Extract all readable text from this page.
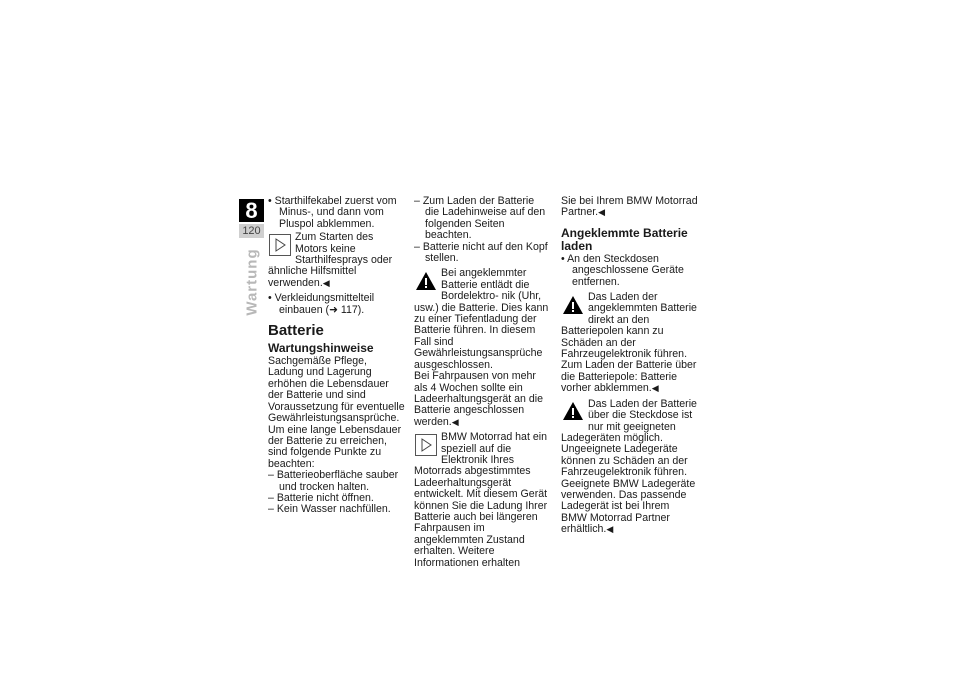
8
120
Wartung

• Starthilfekabel zuerst vom Minus-, und dann vom Pluspol abklemmen.

Zum Starten des Motors keine Starthilfesprays oder ähnliche Hilfsmittel verwenden.◀

• Verkleidungsmittelteil einbauen (➜ 117).

Batterie
Wartungshinweise

Sachgemäße Pflege, Ladung und Lagerung erhöhen die Lebensdauer der Batterie und sind Voraussetzung für eventuelle Gewährleistungsansprüche.

Um eine lange Lebensdauer der Batterie zu erreichen, sind folgende Punkte zu beachten:

– Batterieoberfläche sauber und trocken halten.

– Batterie nicht öffnen.

– Kein Wasser nachfüllen.

– Zum Laden der Batterie die Ladehinweise auf den folgenden Seiten beachten.

– Batterie nicht auf den Kopf stellen.

Bei angeklemmter Batterie entlädt die Bordelektro- nik (Uhr, usw.) die Batterie. Dies kann zu einer Tiefentladung der Batterie führen. In diesem Fall sind Gewährleistungsansprüche ausgeschlossen.

Bei Fahrpausen von mehr als 4 Wochen sollte ein Ladeerhaltungsgerät an die Batterie angeschlossen werden.◀

BMW Motorrad hat ein speziell auf die Elektronik Ihres Motorrads abgestimmtes Ladeerhaltungsgerät entwickelt. Mit diesem Gerät können Sie die Ladung Ihrer Batterie auch bei längeren Fahrpausen im angeklemmten Zustand erhalten. Weitere Informationen erhalten

Sie bei Ihrem BMW Motorrad Partner.◀

Angeklemmte Batterie laden

• An den Steckdosen angeschlossene Geräte entfernen.

Das Laden der angeklemmten Batterie direkt an den Batteriepolen kann zu Schäden an der Fahrzeugelektronik führen.

Zum Laden der Batterie über die Batteriepole: Batterie vorher abklemmen.◀

Das Laden der Batterie über die Steckdose ist nur mit geeigneten Ladegeräten möglich. Ungeeignete Ladegeräte können zu Schäden an der Fahrzeugelektronik führen.

Geeignete BMW Ladegeräte verwenden. Das passende Ladegerät ist bei Ihrem BMW Motorrad Partner erhältlich.◀
